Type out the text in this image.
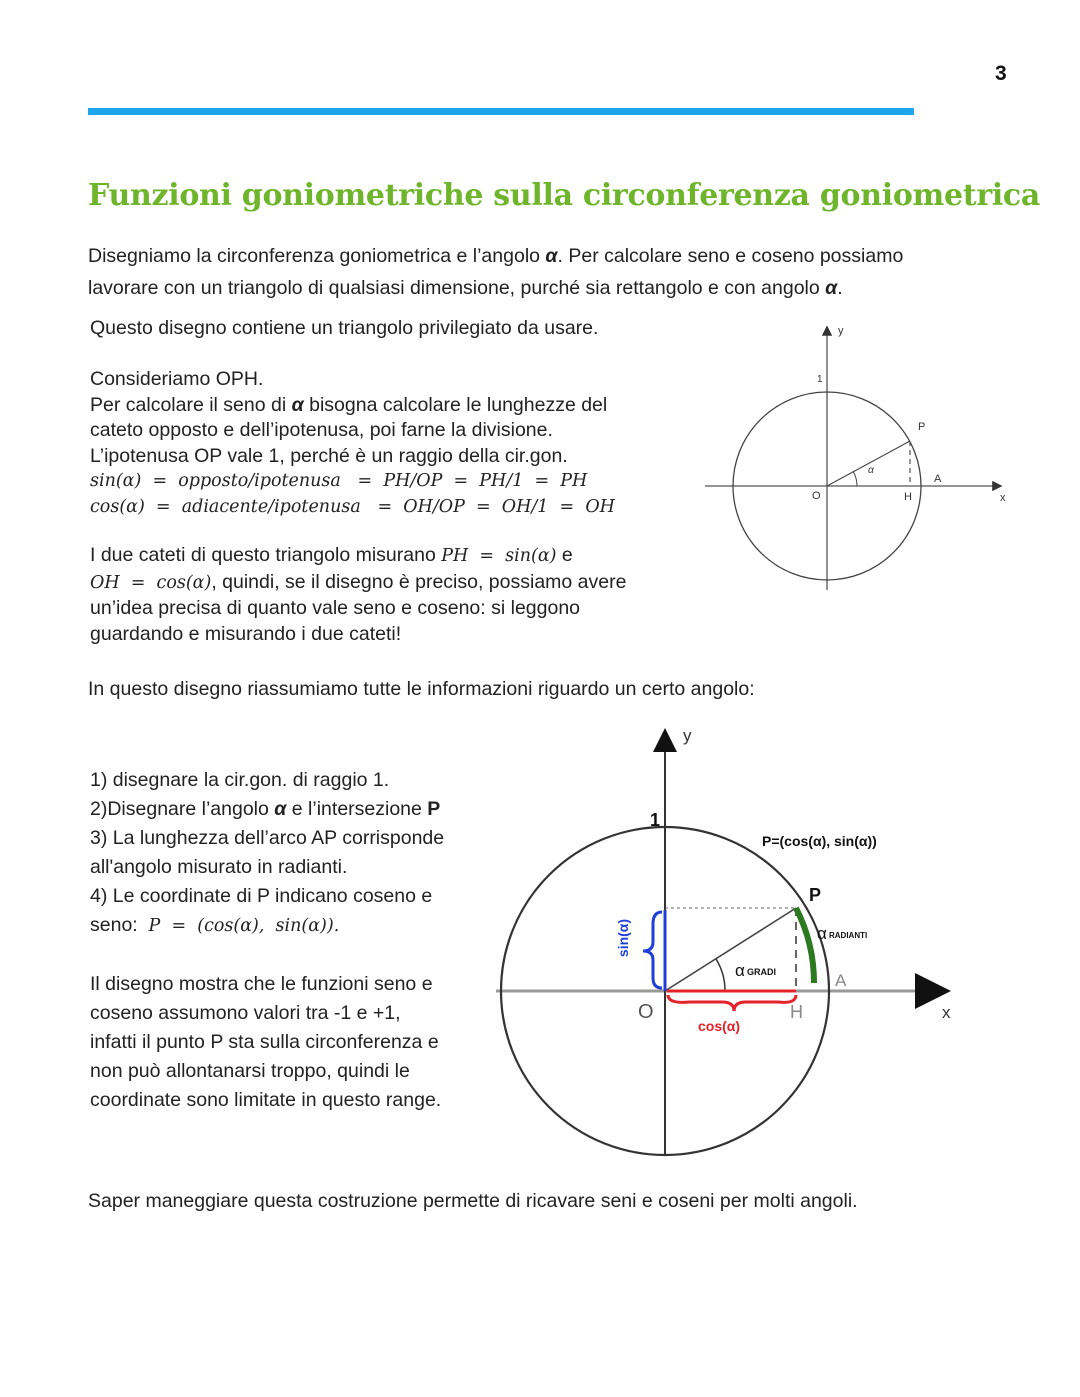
3
Funzioni goniometriche sulla circonferenza goniometrica
Disegniamo la circonferenza goniometrica e l’angolo α. Per calcolare seno e coseno possiamo
lavorare con un triangolo di qualsiasi dimensione, purché sia rettangolo e con angolo α.
Questo disegno contiene un triangolo privilegiato da usare.
Consideriamo OPH.
Per calcolare il seno di α bisogna calcolare le lunghezze del
cateto opposto e dell’ipotenusa, poi farne la divisione.
L’ipotenusa OP vale 1, perché è un raggio della cir.gon.
sin(α)  =  opposto/ipotenusa   =  PH/OP  =  PH/1  =  PH
cos(α)  =  adiacente/ipotenusa   =  OH/OP  =  OH/1  =  OH
I due cateti di questo triangolo misurano PH  =  sin(α) e
OH  =  cos(α), quindi, se il disegno è preciso, possiamo avere
un’idea precisa di quanto vale seno e coseno: si leggono
guardando e misurando i due cateti!
y
x
1
O
α
P
A
H
In questo disegno riassumiamo tutte le informazioni riguardo un certo angolo:
1) disegnare la cir.gon. di raggio 1.
2)Disegnare l’angolo α e l’intersezione P
3) La lunghezza dell’arco AP corrisponde
all'angolo misurato in radianti.
4) Le coordinate di P indicano coseno e
seno:  P  =  (cos(α),  sin(α)).
Il disegno mostra che le funzioni seno e
coseno assumono valori tra -1 e +1,
infatti il punto P sta sulla circonferenza e
non può allontanarsi troppo, quindi le
coordinate sono limitate in questo range.
1
y
x
O	H
A
P
P=(cos(α), sin(α))
sin(α)
cos(α)
α GRADI
α RADIANTI
Saper maneggiare questa costruzione permette di ricavare seni e coseni per molti angoli.
